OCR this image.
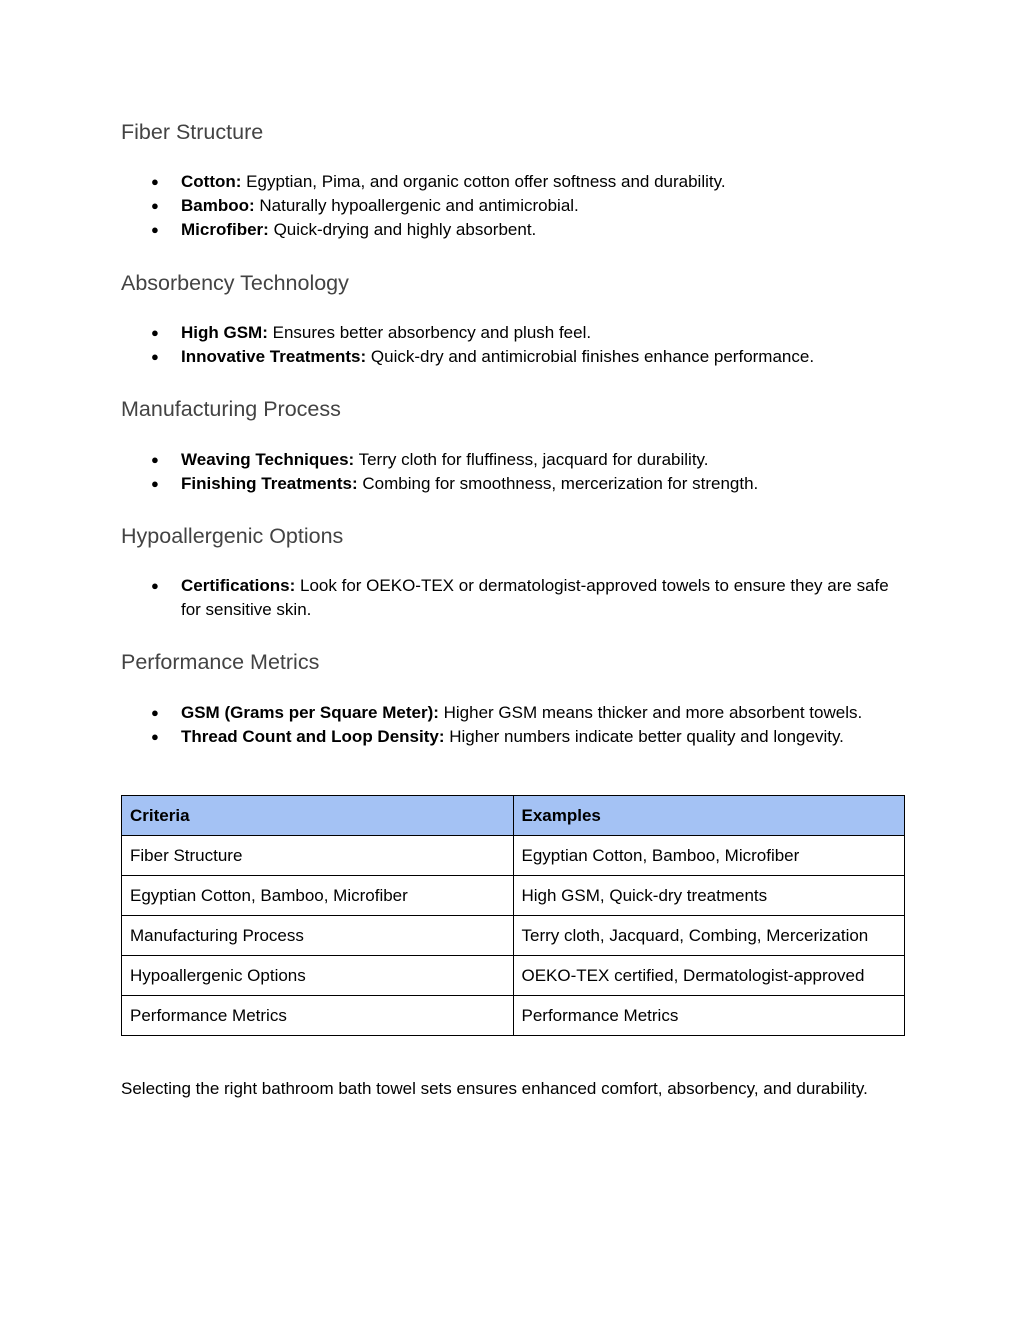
Fiber Structure
● Cotton: Egyptian, Pima, and organic cotton offer softness and durability.
● Bamboo: Naturally hypoallergenic and antimicrobial.
● Microfiber: Quick-drying and highly absorbent.
Absorbency Technology
● High GSM: Ensures better absorbency and plush feel.
● Innovative Treatments: Quick-dry and antimicrobial finishes enhance performance.
Manufacturing Process
● Weaving Techniques: Terry cloth for fluffiness, jacquard for durability.
● Finishing Treatments: Combing for smoothness, mercerization for strength.
Hypoallergenic Options
● Certifications: Look for OEKO-TEX or dermatologist-approved towels to ensure they are safe for sensitive skin.
Performance Metrics
● GSM (Grams per Square Meter): Higher GSM means thicker and more absorbent towels.
● Thread Count and Loop Density: Higher numbers indicate better quality and longevity.
Criteria	Examples
Fiber Structure	Egyptian Cotton, Bamboo, Microfiber
Egyptian Cotton, Bamboo, Microfiber	High GSM, Quick-dry treatments
Manufacturing Process	Terry cloth, Jacquard, Combing, Mercerization
Hypoallergenic Options	OEKO-TEX certified, Dermatologist-approved
Performance Metrics	Performance Metrics

Selecting the right bathroom bath towel sets ensures enhanced comfort, absorbency, and durability.
